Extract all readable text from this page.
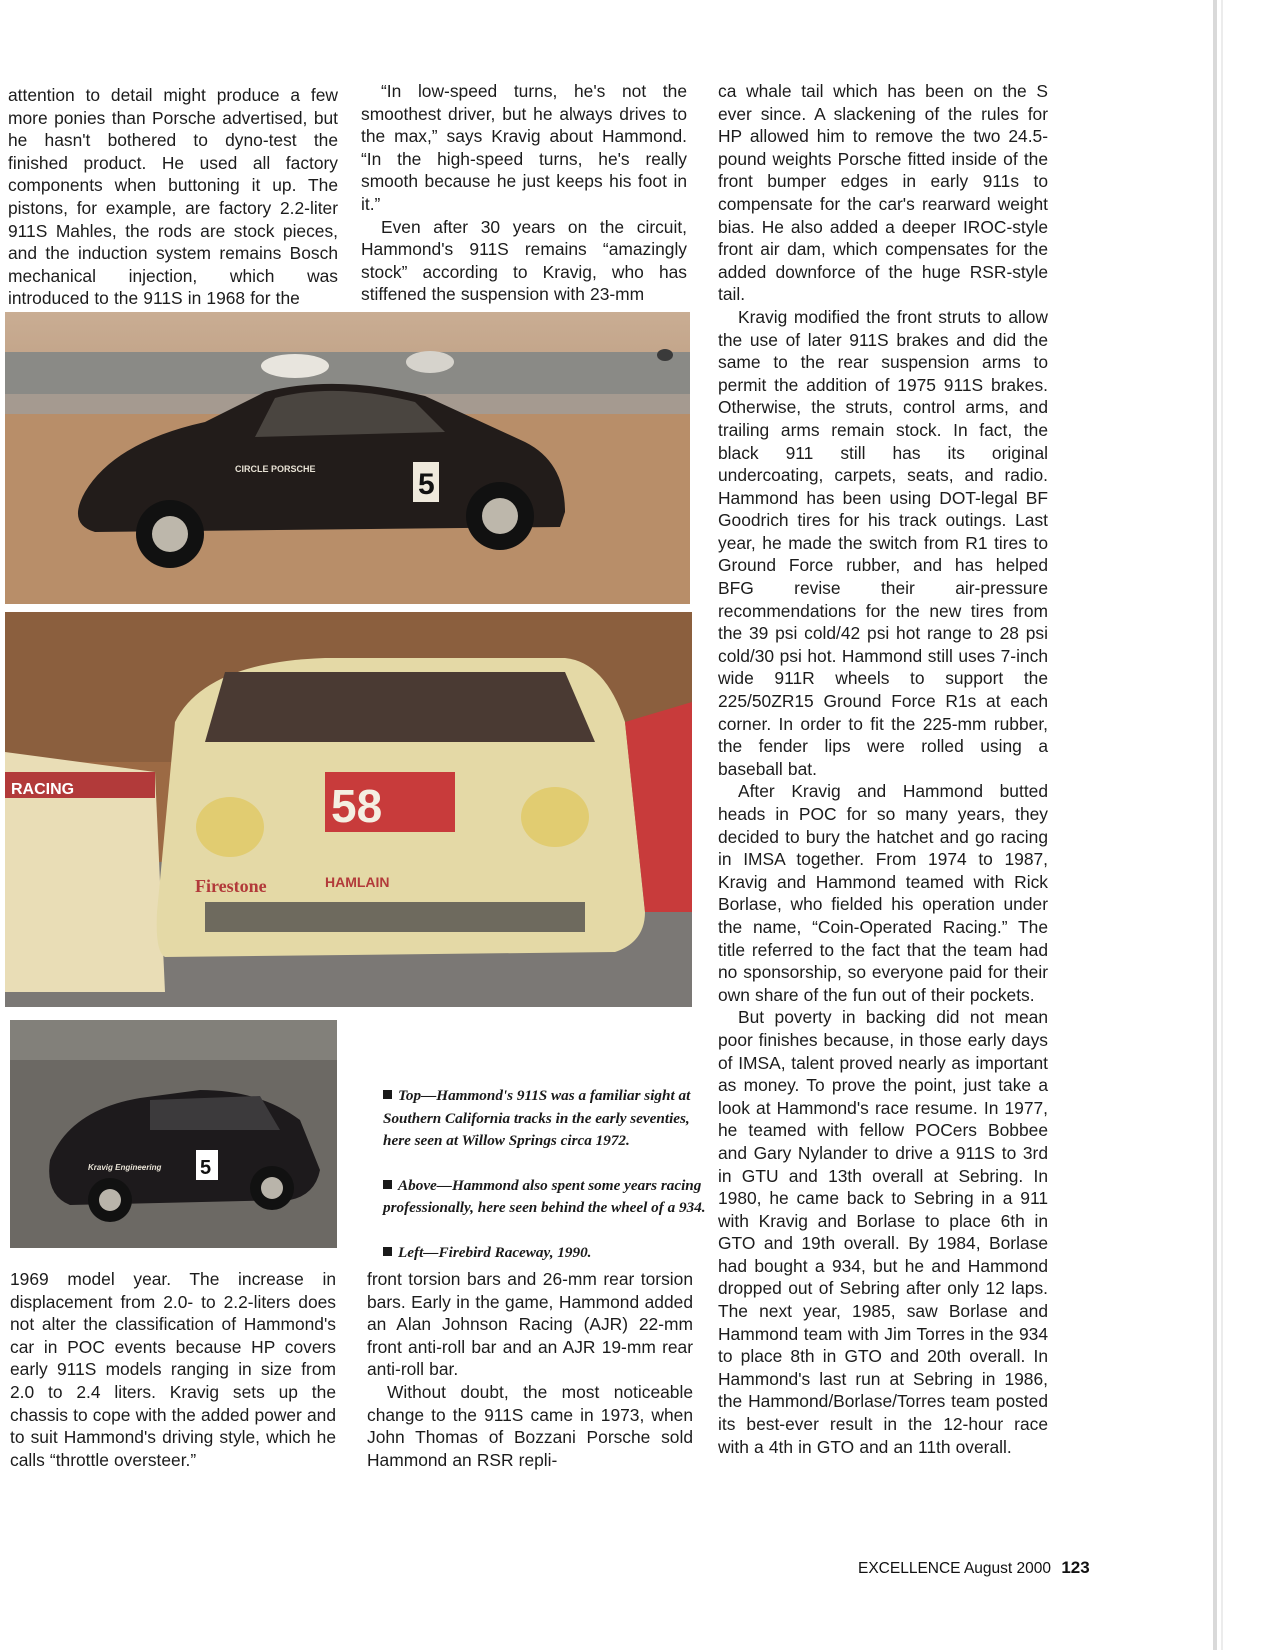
attention to detail might produce a few more ponies than Porsche advertised, but he hasn't bothered to dyno-test the finished product. He used all factory components when buttoning it up. The pistons, for example, are factory 2.2-liter 911S Mahles, the rods are stock pieces, and the induction system remains Bosch mechanical injection, which was introduced to the 911S in 1968 for the

“In low-speed turns, he's not the smoothest driver, but he always drives to the max,” says Kravig about Hammond. “In the high-speed turns, he's really smooth because he just keeps his foot in it.”

Even after 30 years on the circuit, Hammond's 911S remains “amazingly stock” according to Kravig, who has stiffened the suspension with 23-mm

ca whale tail which has been on the S ever since. A slackening of the rules for HP allowed him to remove the two 24.5-pound weights Porsche fitted inside of the front bumper edges in early 911s to compensate for the car's rearward weight bias. He also added a deeper IROC-style front air dam, which compensates for the added downforce of the huge RSR-style tail.

Kravig modified the front struts to allow the use of later 911S brakes and did the same to the rear suspension arms to permit the addition of 1975 911S brakes. Otherwise, the struts, control arms, and trailing arms remain stock. In fact, the black 911 still has its original undercoating, carpets, seats, and radio. Hammond has been using DOT-legal BF Goodrich tires for his track outings. Last year, he made the switch from R1 tires to Ground Force rubber, and has helped BFG revise their air-pressure recommendations for the new tires from the 39 psi cold/42 psi hot range to 28 psi cold/30 psi hot. Hammond still uses 7-inch wide 911R wheels to support the 225/50ZR15 Ground Force R1s at each corner. In order to fit the 225-mm rubber, the fender lips were rolled using a baseball bat.

After Kravig and Hammond butted heads in POC for so many years, they decided to bury the hatchet and go racing in IMSA together. From 1974 to 1987, Kravig and Hammond teamed with Rick Borlase, who fielded his operation under the name, “Coin-Operated Racing.” The title referred to the fact that the team had no sponsorship, so everyone paid for their own share of the fun out of their pockets.

But poverty in backing did not mean poor finishes because, in those early days of IMSA, talent proved nearly as important as money. To prove the point, just take a look at Hammond's race resume. In 1977, he teamed with fellow POCers Bobbee and Gary Nylander to drive a 911S to 3rd in GTU and 13th overall at Sebring. In 1980, he came back to Sebring in a 911 with Kravig and Borlase to place 6th in GTO and 19th overall. By 1984, Borlase had bought a 934, but he and Hammond dropped out of Sebring after only 12 laps. The next year, 1985, saw Borlase and Hammond team with Jim Torres in the 934 to place 8th in GTO and 20th overall. In Hammond's last run at Sebring in 1986, the Hammond/Borlase/Torres team posted its best-ever result in the 12-hour race with a 4th in GTO and an 11th overall.

5
CIRCLE PORSCHE
RACING	58
Firestone	HAMLAIN
5
Kravig Engineering

Top—Hammond's 911S was a familiar sight at Southern California tracks in the early seventies, here seen at Willow Springs circa 1972.

Above—Hammond also spent some years racing professionally, here seen behind the wheel of a 934.

Left—Firebird Raceway, 1990.

1969 model year. The increase in displacement from 2.0- to 2.2-liters does not alter the classification of Hammond's car in POC events because HP covers early 911S models ranging in size from 2.0 to 2.4 liters. Kravig sets up the chassis to cope with the added power and to suit Hammond's driving style, which he calls “throttle oversteer.”

front torsion bars and 26-mm rear torsion bars. Early in the game, Hammond added an Alan Johnson Racing (AJR) 22-mm front anti-roll bar and an AJR 19-mm rear anti-roll bar.

Without doubt, the most noticeable change to the 911S came in 1973, when John Thomas of Bozzani Porsche sold Hammond an RSR repli-

EXCELLENCE August 2000 123
